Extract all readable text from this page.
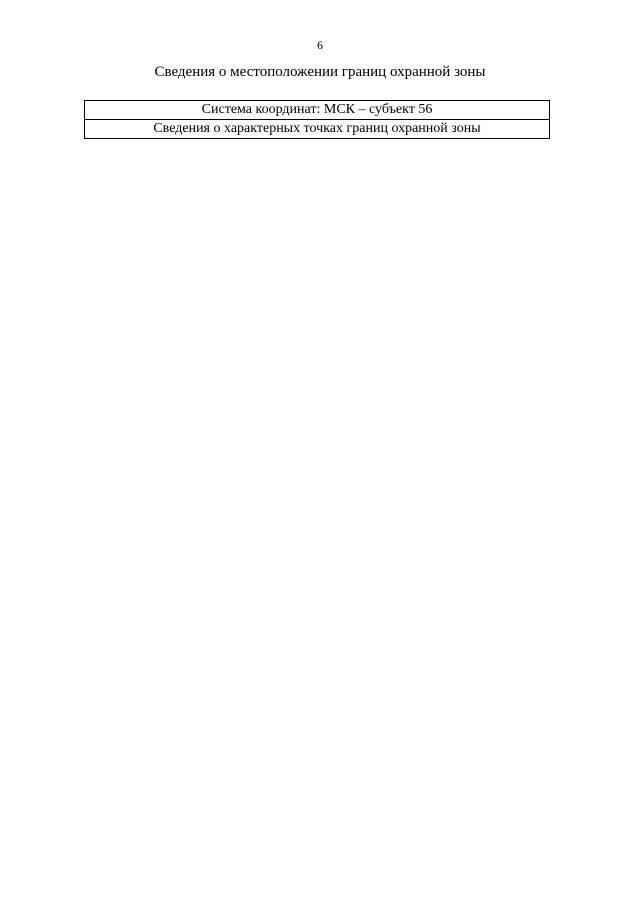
6
Сведения о местоположении границ охранной зоны
Система координат: МСК – субъект 56
Сведения о характерных точках границ охранной зоны
